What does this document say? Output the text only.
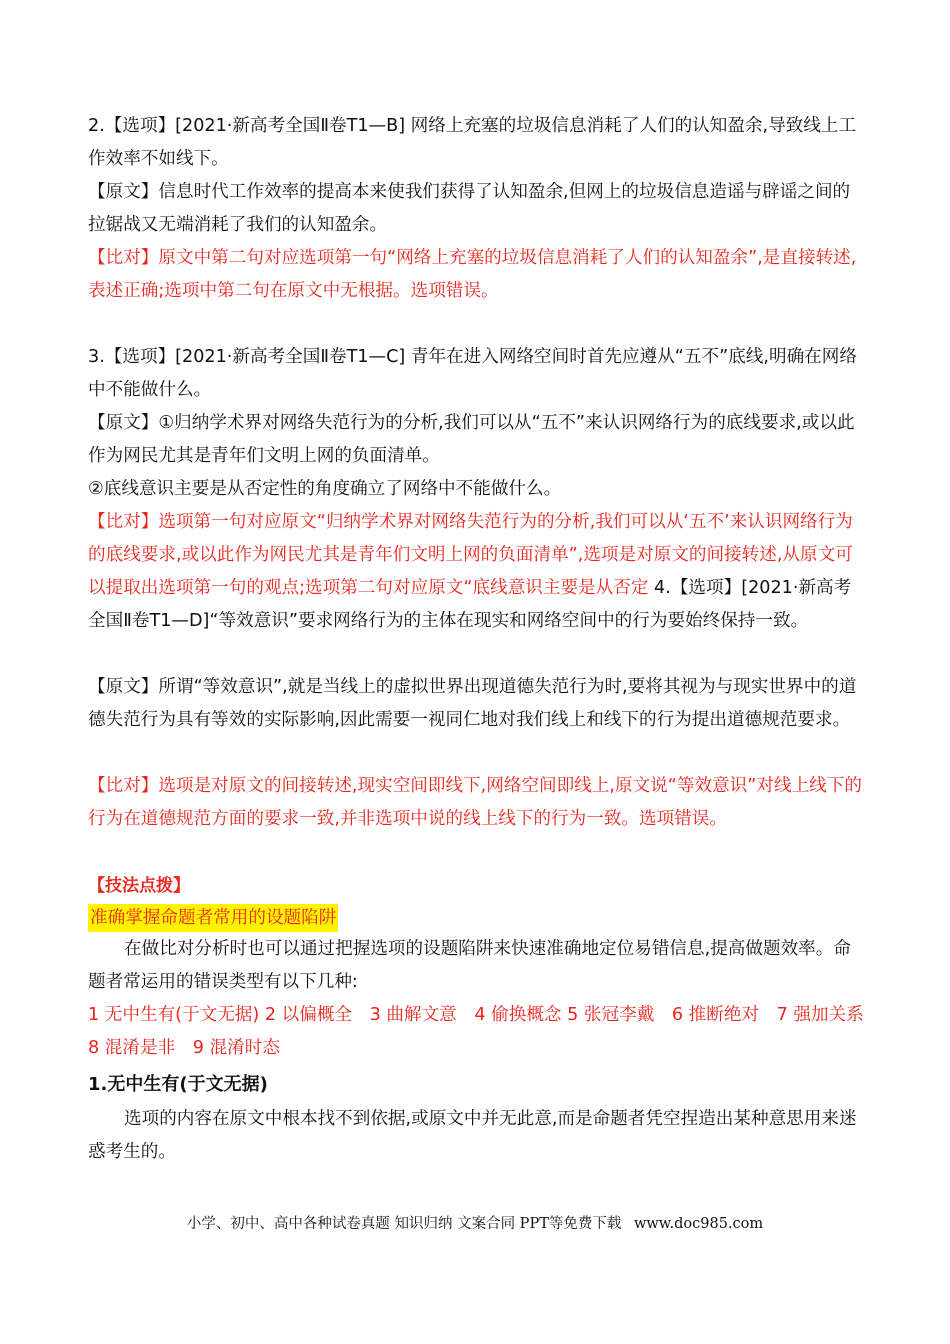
2.【选项】[2021·新高考全国Ⅱ卷T1—B] 网络上充塞的垃圾信息消耗了人们的认知盈余,导致线上工作效率不如线下。

【原文】信息时代工作效率的提高本来使我们获得了认知盈余,但网上的垃圾信息造谣与辟谣之间的拉锯战又无端消耗了我们的认知盈余。

【比对】原文中第二句对应选项第一句“网络上充塞的垃圾信息消耗了人们的认知盈余”,是直接转述,表述正确;选项中第二句在原文中无根据。选项错误。

3.【选项】[2021·新高考全国Ⅱ卷T1—C] 青年在进入网络空间时首先应遵从“五不”底线,明确在网络中不能做什么。

【原文】①归纳学术界对网络失范行为的分析,我们可以从“五不”来认识网络行为的底线要求,或以此作为网民尤其是青年们文明上网的负面清单。

②底线意识主要是从否定性的角度确立了网络中不能做什么。

【比对】选项第一句对应原文“归纳学术界对网络失范行为的分析,我们可以从‘五不’来认识网络行为的底线要求,或以此作为网民尤其是青年们文明上网的负面清单”,选项是对原文的间接转述,从原文可以提取出选项第一句的观点;选项第二句对应原文“底线意识主要是从否定 4.【选项】[2021·新高考全国Ⅱ卷T1—D]“等效意识”要求网络行为的主体在现实和网络空间中的行为要始终保持一致。

【原文】所谓“等效意识”,就是当线上的虚拟世界出现道德失范行为时,要将其视为与现实世界中的道德失范行为具有等效的实际影响,因此需要一视同仁地对我们线上和线下的行为提出道德规范要求。

【比对】选项是对原文的间接转述,现实空间即线下,网络空间即线上,原文说“等效意识”对线上线下的行为在道德规范方面的要求一致,并非选项中说的线上线下的行为一致。选项错误。

【技法点拨】

准确掌握命题者常用的设题陷阱

在做比对分析时也可以通过把握选项的设题陷阱来快速准确地定位易错信息,提高做题效率。命题者常运用的错误类型有以下几种:

1 无中生有(于文无据) 2 以偏概全　3 曲解文意　4 偷换概念 5 张冠李戴　6 推断绝对　7 强加关系　8 混淆是非　9 混淆时态

1.无中生有(于文无据)

选项的内容在原文中根本找不到依据,或原文中并无此意,而是命题者凭空捏造出某种意思用来迷惑考生的。

小学、初中、高中各种试卷真题 知识归纳 文案合同 PPT等免费下载 www.doc985.com
